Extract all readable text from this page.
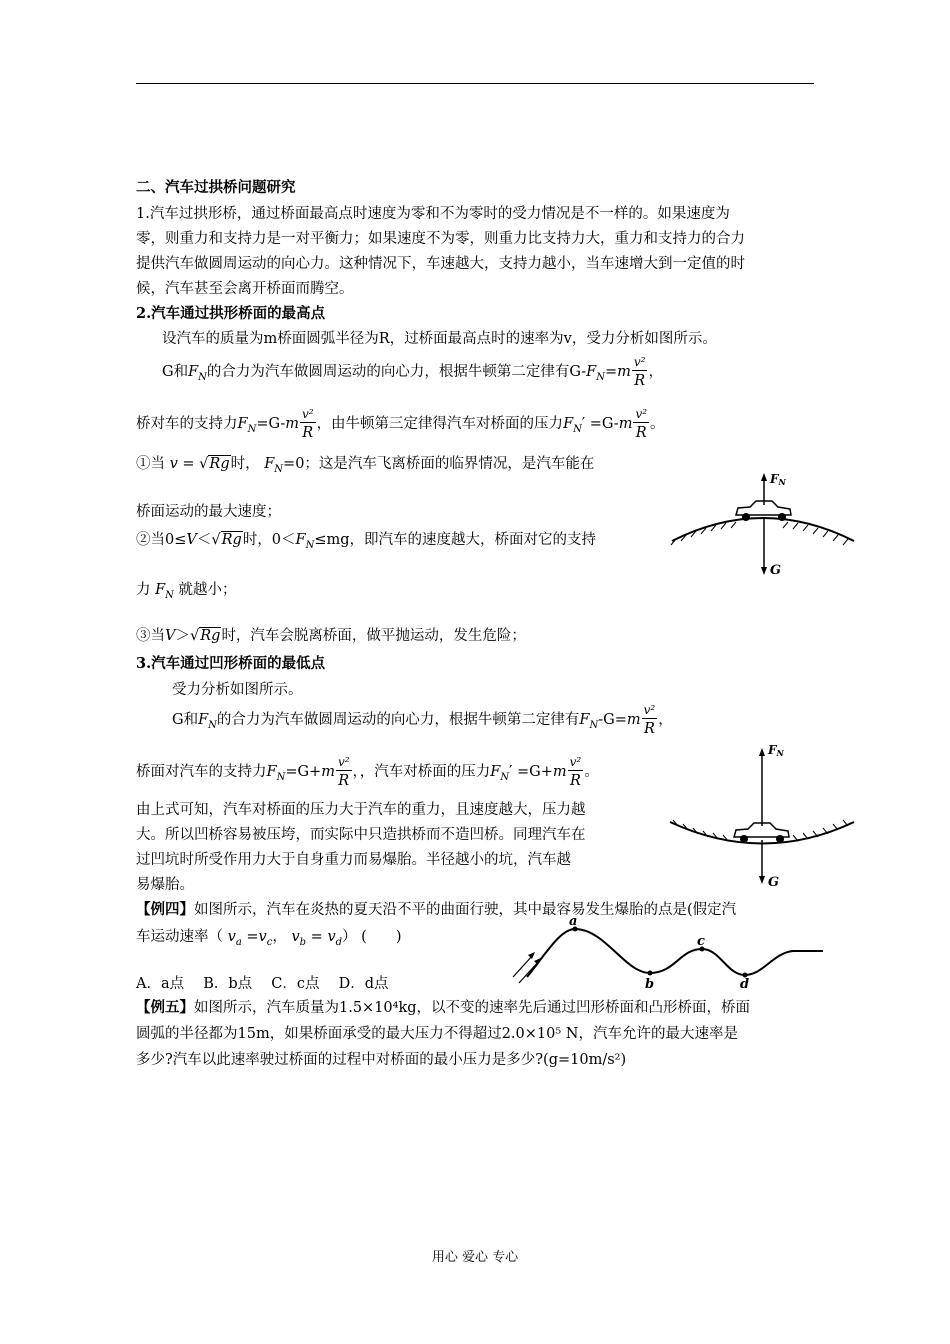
二、汽车过拱桥问题研究
1.汽车过拱形桥，通过桥面最高点时速度为零和不为零时的受力情况是不一样的。如果速度为
零，则重力和支持力是一对平衡力；如果速度不为零，则重力比支持力大，重力和支持力的合力
提供汽车做圆周运动的向心力。这种情况下，车速越大，支持力越小，当车速增大到一定值的时
候，汽车甚至会离开桥面而腾空。
2.汽车通过拱形桥面的最高点
设汽车的质量为m桥面圆弧半径为R，过桥面最高点时的速率为v，受力分析如图所示。
G和$F_N$的合力为汽车做圆周运动的向心力，根据牛顿第二定律有$G-F_N=m \frac{\text{v²}}{R}$ ，
桥对车的支持力$F_N=G-m \frac{\text{v²}}{R}$ ，由牛顿第三定律得汽车对桥面的压力$F_N' =G-m \frac{\text{v²}}{R}$ 。
①当 v = √Rg时， $F_N=0$；这是汽车飞离桥面的临界情况，是汽车能在
桥面运动的最大速度；
②当0≤V＜√Rg时，$0<F_N\le mg$，即汽车的速度越大，桥面对它的支持
力 $F_N$ 就越小；
③当V＞√Rg时，汽车会脱离桥面，做平抛运动，发生危险；
3.汽车通过凹形桥面的最低点
受力分析如图所示。
G和$F_N$的合力为汽车做圆周运动的向心力，根据牛顿第二定律有$F_N-G=m \frac{\text{v²}}{R}$ ，
桥面对汽车的支持力$F_N=G+m \frac{\text{v²}}{R}$ ，，汽车对桥面的压力$F_N' =G+m \frac{\text{v²}}{R}$ 。
由上式可知，汽车对桥面的压力大于汽车的重力，且速度越大，压力越
大。所以凹桥容易被压垮，而实际中只造拱桥而不造凹桥。同理汽车在
过凹坑时所受作用力大于自身重力而易爆胎。半径越小的坑，汽车越
易爆胎。
【例四】如图所示，汽车在炎热的夏天沿不平的曲面行驶，其中最容易发生爆胎的点是(假定汽
车运动速率（ $v_a =v_c$， $v_b = v_d$） (　　)
A．a点　 B．b点　 C．c点　 D．d点
【例五】如图所示，汽车质量为1.5×10⁴kg，以不变的速率先后通过凹形桥面和凸形桥面，桥面
圆弧的半径都为15m，如果桥面承受的最大压力不得超过2.0×10⁵ N，汽车允许的最大速率是
多少?汽车以此速率驶过桥面的过程中对桥面的最小压力是多少?(g=10m/s²)
FN
G
FN
G
a
b
c
d
用心 爱心 专心
